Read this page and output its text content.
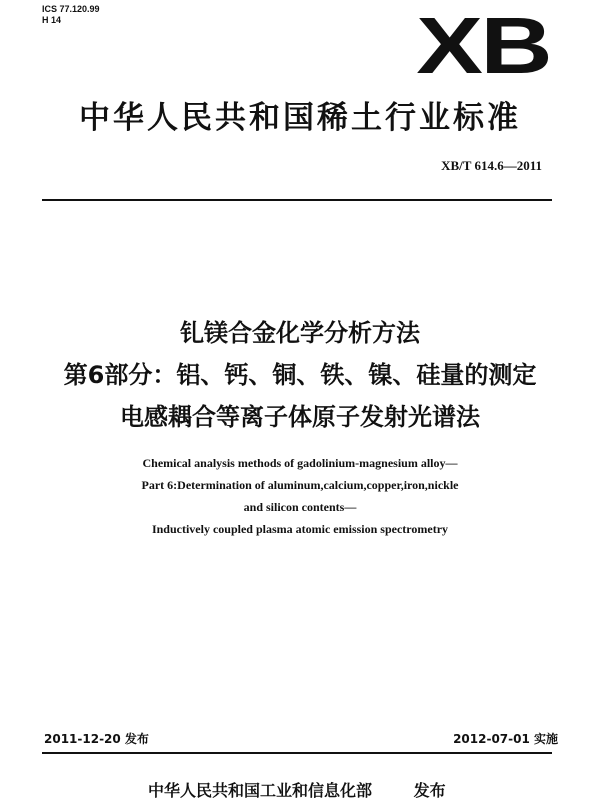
ICS 77.120.99
H 14	XB
中华人民共和国稀土行业标准
XB/T 614.6—2011
钆镁合金化学分析方法
第6部分：铝、钙、铜、铁、镍、硅量的测定
电感耦合等离子体原子发射光谱法
Chemical analysis methods of gadolinium-magnesium alloy—
Part 6:Determination of aluminum,calcium,copper,iron,nickle
and silicon contents—
Inductively coupled plasma atomic emission spectrometry
2011-12-20 发布	2012-07-01 实施
中华人民共和国工业和信息化部	发布
